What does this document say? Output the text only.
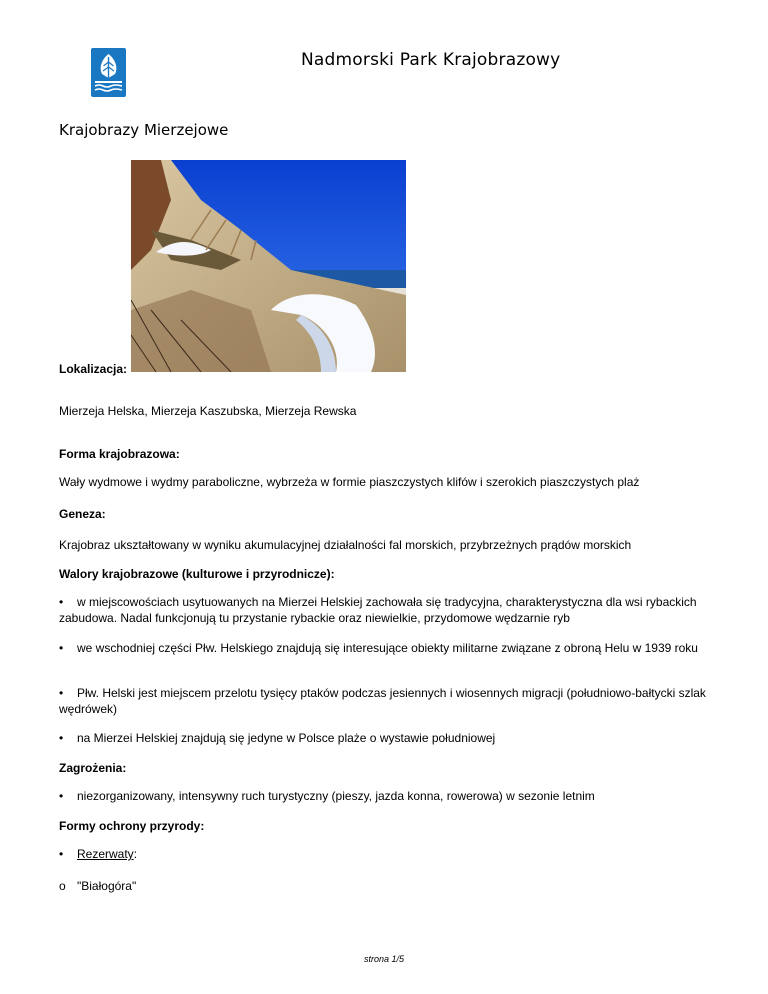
Nadmorski Park Krajobrazowy
Krajobrazy Mierzejowe
Lokalizacja:
Mierzeja Helska, Mierzeja Kaszubska, Mierzeja Rewska
Forma krajobrazowa:
Wały wydmowe i wydmy paraboliczne, wybrzeża w formie piaszczystych klifów i szerokich piaszczystych plaż
Geneza:
Krajobraz ukształtowany w wyniku akumulacyjnej działalności fal morskich, przybrzeżnych prądów morskich
Walory krajobrazowe (kulturowe i przyrodnicze):
• w miejscowościach usytuowanych na Mierzei Helskiej zachowała się tradycyjna, charakterystyczna dla wsi rybackich zabudowa. Nadal funkcjonują tu przystanie rybackie oraz niewielkie, przydomowe wędzarnie ryb
• we wschodniej części Płw. Helskiego znajdują się interesujące obiekty militarne związane z obroną Helu w 1939 roku
• Płw. Helski jest miejscem przelotu tysięcy ptaków podczas jesiennych i wiosennych migracji (południowo-bałtycki szlak wędrówek)
• na Mierzei Helskiej znajdują się jedyne w Polsce plaże o wystawie południowej
Zagrożenia:
• niezorganizowany, intensywny ruch turystyczny (pieszy, jazda konna, rowerowa) w sezonie letnim
Formy ochrony przyrody:
• Rezerwaty:
o "Białogóra"
strona 1/5
